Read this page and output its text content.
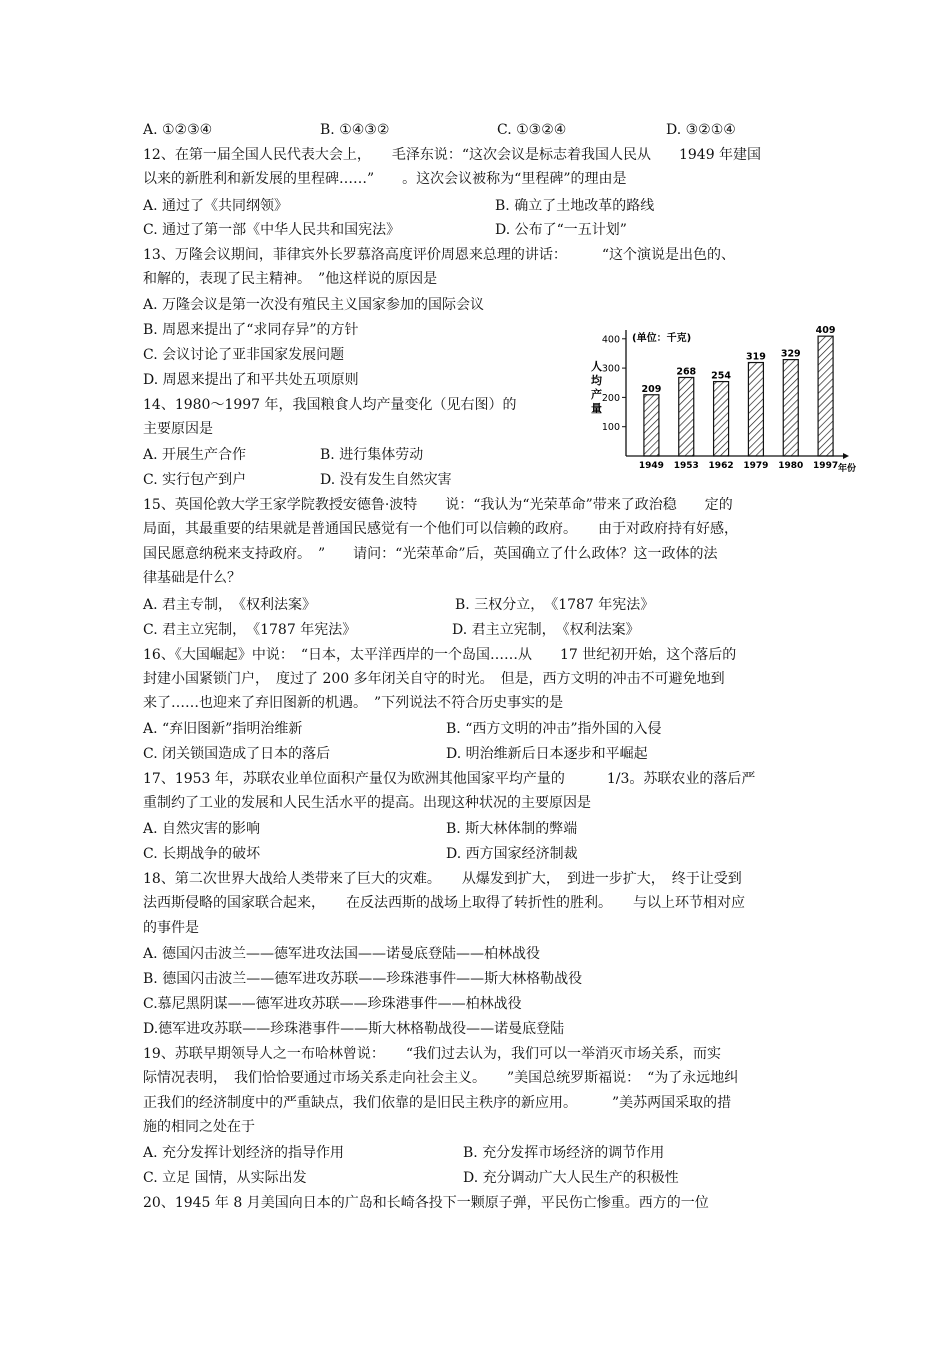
A. ①②③④	B. ①④③②	C. ①③②④	D. ③②①④
12、在第一届全国人民代表大会上，　　毛泽东说：“这次会议是标志着我国人民从　　1949 年建国
以来的新胜利和新发展的里程碑……”　　。这次会议被称为“里程碑”的理由是
A. 通过了《共同纲领》	B. 确立了土地改革的路线
C. 通过了第一部《中华人民共和国宪法》	D. 公布了“一五计划”
13、万隆会议期间，菲律宾外长罗慕洛高度评价周恩来总理的讲话：　　　“这个演说是出色的、
和解的，表现了民主精神。　”他这样说的原因是
A. 万隆会议是第一次没有殖民主义国家参加的国际会议
B. 周恩来提出了“求同存异”的方针
C. 会议讨论了亚非国家发展问题
D. 周恩来提出了和平共处五项原则
14、1980～1997 年，我国粮食人均产量变化（见右图）的
主要原因是
A. 开展生产合作	B. 进行集体劳动
C. 实行包产到户	D. 没有发生自然灾害
(单位：千克)
人均产量
年份
100
200
300
400
209
1949
268
1953
254
1962
319
1979
329
1980
409
1997
15、英国伦敦大学王家学院教授安德鲁·波特　　说：“我认为“光荣革命”带来了政治稳　　定的
局面，其最重要的结果就是普通国民感觉有一个他们可以信赖的政府。　　由于对政府持有好感，
国民愿意纳税来支持政府。　”　　请问：“光荣革命”后，英国确立了什么政体？这一政体的法
律基础是什么？
A. 君主专制，　《权利法案》	B. 三权分立，　《1787 年宪法》
C. 君主立宪制，　《1787 年宪法》	D. 君主立宪制，　《权利法案》
16、《大国崛起》中说：　“日本，太平洋西岸的一个岛国……从　　17 世纪初开始，这个落后的
封建小国紧锁门户，　度过了 200 多年闭关自守的时光。　但是，西方文明的冲击不可避免地到
来了……也迎来了弃旧图新的机遇。　”下列说法不符合历史事实的是
A. “弃旧图新”指明治维新	B. “西方文明的冲击”指外国的入侵
C. 闭关锁国造成了日本的落后	D. 明治维新后日本逐步和平崛起
17、1953 年，苏联农业单位面积产量仅为欧洲其他国家平均产量的　　　1/3。苏联农业的落后严
重制约了工业的发展和人民生活水平的提高。出现这种状况的主要原因是
A. 自然灾害的影响	B. 斯大林体制的弊端
C. 长期战争的破坏	D. 西方国家经济制裁
18、第二次世界大战给人类带来了巨大的灾难。　　从爆发到扩大，　到进一步扩大，　终于让受到
法西斯侵略的国家联合起来，　　在反法西斯的战场上取得了转折性的胜利。　　与以上环节相对应
的事件是
A. 德国闪击波兰——德军进攻法国——诺曼底登陆——柏林战役
B. 德国闪击波兰——德军进攻苏联——珍珠港事件——斯大林格勒战役
C.慕尼黑阴谋——德军进攻苏联——珍珠港事件——柏林战役
D.德军进攻苏联——珍珠港事件——斯大林格勒战役——诺曼底登陆
19、苏联早期领导人之一布哈林曾说：　　“我们过去认为，我们可以一举消灭市场关系，而实
际情况表明，　我们恰恰要通过市场关系走向社会主义。　　”美国总统罗斯福说：　“为了永远地纠
正我们的经济制度中的严重缺点，我们依靠的是旧民主秩序的新应用。　　　”美苏两国采取的措
施的相同之处在于
A. 充分发挥计划经济的指导作用	B. 充分发挥市场经济的调节作用
C. 立足 国情，从实际出发	D. 充分调动广大人民生产的积极性
20、1945 年 8 月美国向日本的广岛和长崎各投下一颗原子弹，平民伤亡惨重。西方的一位
